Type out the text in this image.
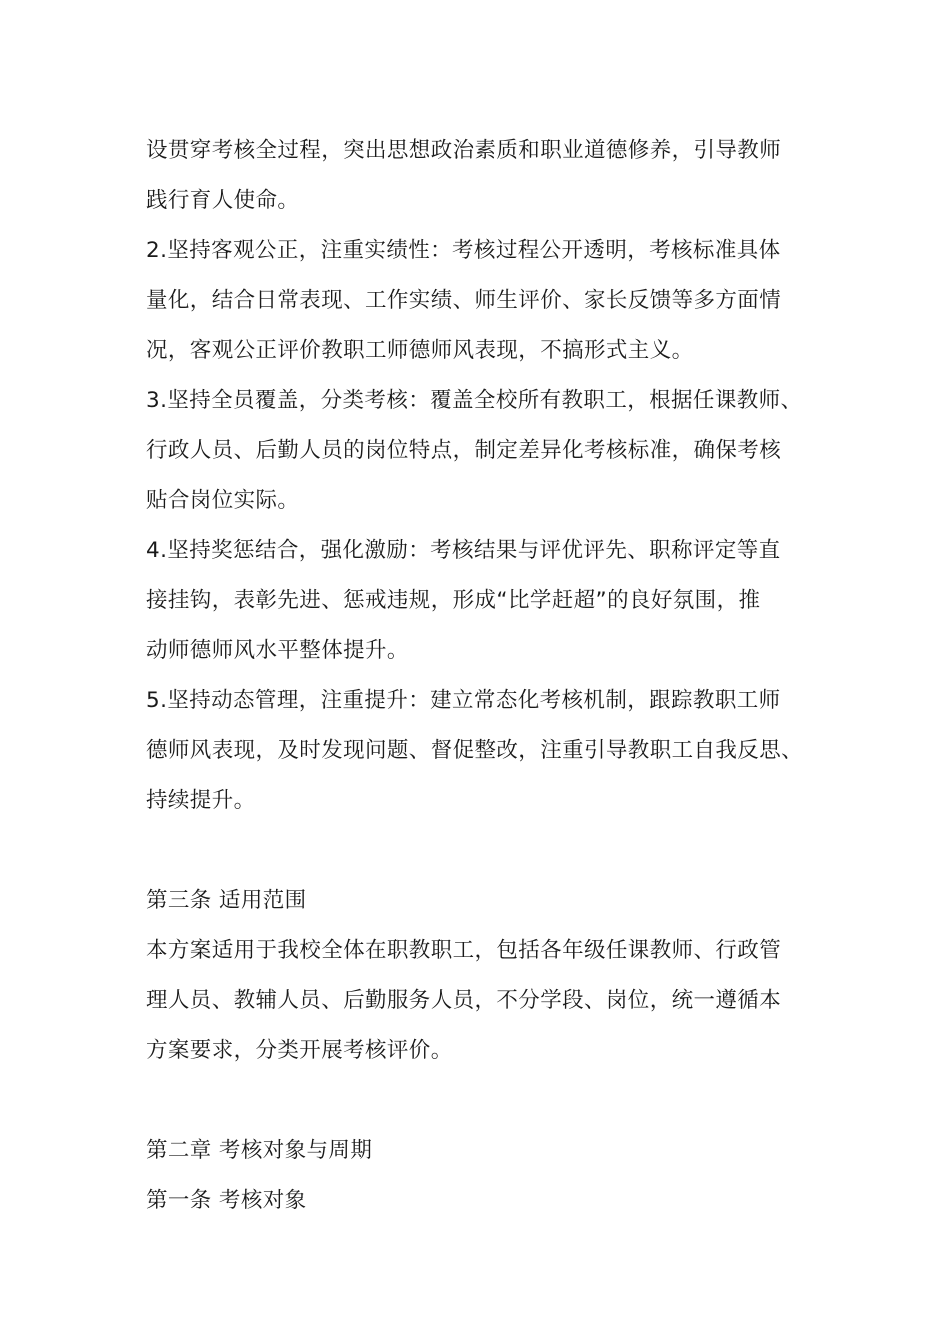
设贯穿考核全过程，突出思想政治素质和职业道德修养，引导教师
践行育人使命。
2.坚持客观公正，注重实绩性：考核过程公开透明，考核标准具体
量化，结合日常表现、工作实绩、师生评价、家长反馈等多方面情
况，客观公正评价教职工师德师风表现，不搞形式主义。
3.坚持全员覆盖，分类考核：覆盖全校所有教职工，根据任课教师、
行政人员、后勤人员的岗位特点，制定差异化考核标准，确保考核
贴合岗位实际。
4.坚持奖惩结合，强化激励：考核结果与评优评先、职称评定等直
接挂钩，表彰先进、惩戒违规，形成“比学赶超”的良好氛围，推
动师德师风水平整体提升。
5.坚持动态管理，注重提升：建立常态化考核机制，跟踪教职工师
德师风表现，及时发现问题、督促整改，注重引导教职工自我反思、
持续提升。
第三条 适用范围
本方案适用于我校全体在职教职工，包括各年级任课教师、行政管
理人员、教辅人员、后勤服务人员，不分学段、岗位，统一遵循本
方案要求，分类开展考核评价。
第二章 考核对象与周期
第一条 考核对象
